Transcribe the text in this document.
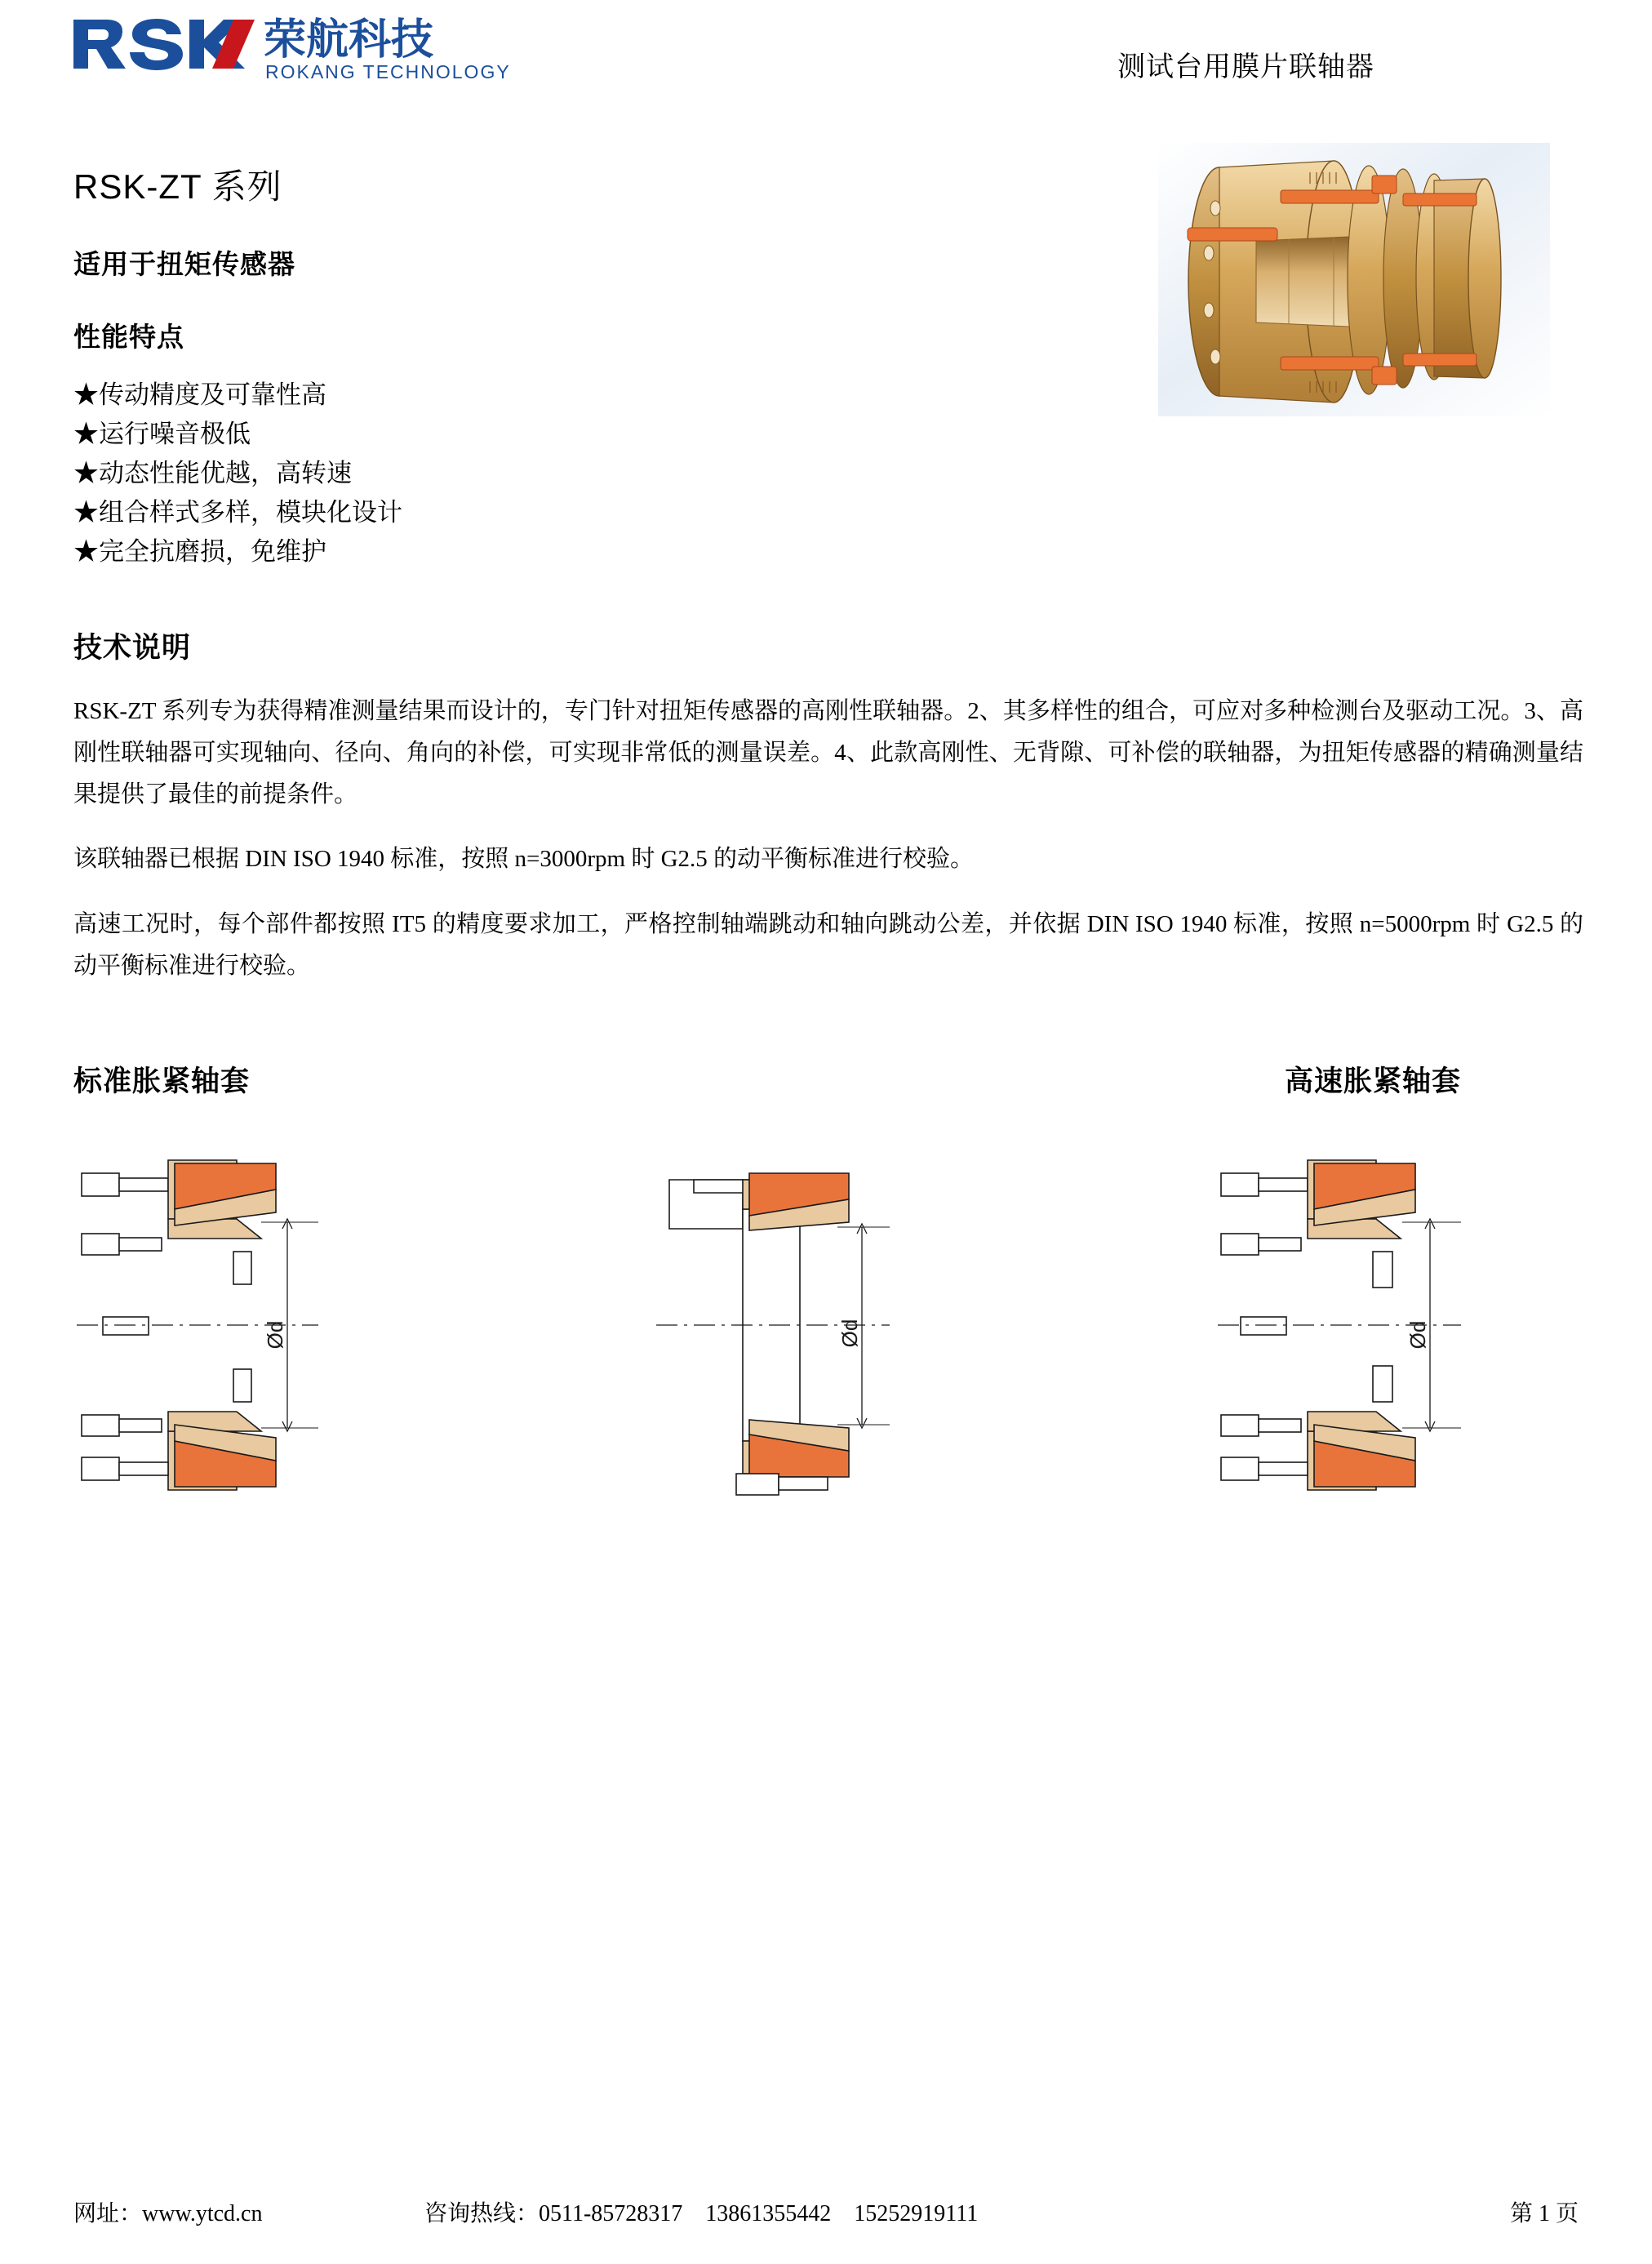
荣航科技
ROKANG TECHNOLOGY	测试台用膜片联轴器
RSK-ZT 系列
适用于扭矩传感器
性能特点
★传动精度及可靠性高
★运行噪音极低
★动态性能优越，高转速
★组合样式多样，模块化设计
★完全抗磨损，免维护
技术说明

RSK-ZT 系列专为获得精准测量结果而设计的，专门针对扭矩传感器的高刚性联轴器。2、其多样性的组合，可应对多种检测台及驱动工况。3、高刚性联轴器可实现轴向、径向、角向的补偿，可实现非常低的测量误差。4、此款高刚性、无背隙、可补偿的联轴器，为扭矩传感器的精确测量结果提供了最佳的前提条件。

该联轴器已根据 DIN ISO 1940 标准，按照 n=3000rpm 时 G2.5 的动平衡标准进行校验。

高速工况时，每个部件都按照 IT5 的精度要求加工，严格控制轴端跳动和轴向跳动公差，并依据 DIN ISO 1940 标准，按照 n=5000rpm 时 G2.5 的动平衡标准进行校验。

标准胀紧轴套	高速胀紧轴套
Ød	Ød	Ød
网址：www.ytcd.cn	咨询热线：0511-85728317　13861355442　15252919111	第 1 页
